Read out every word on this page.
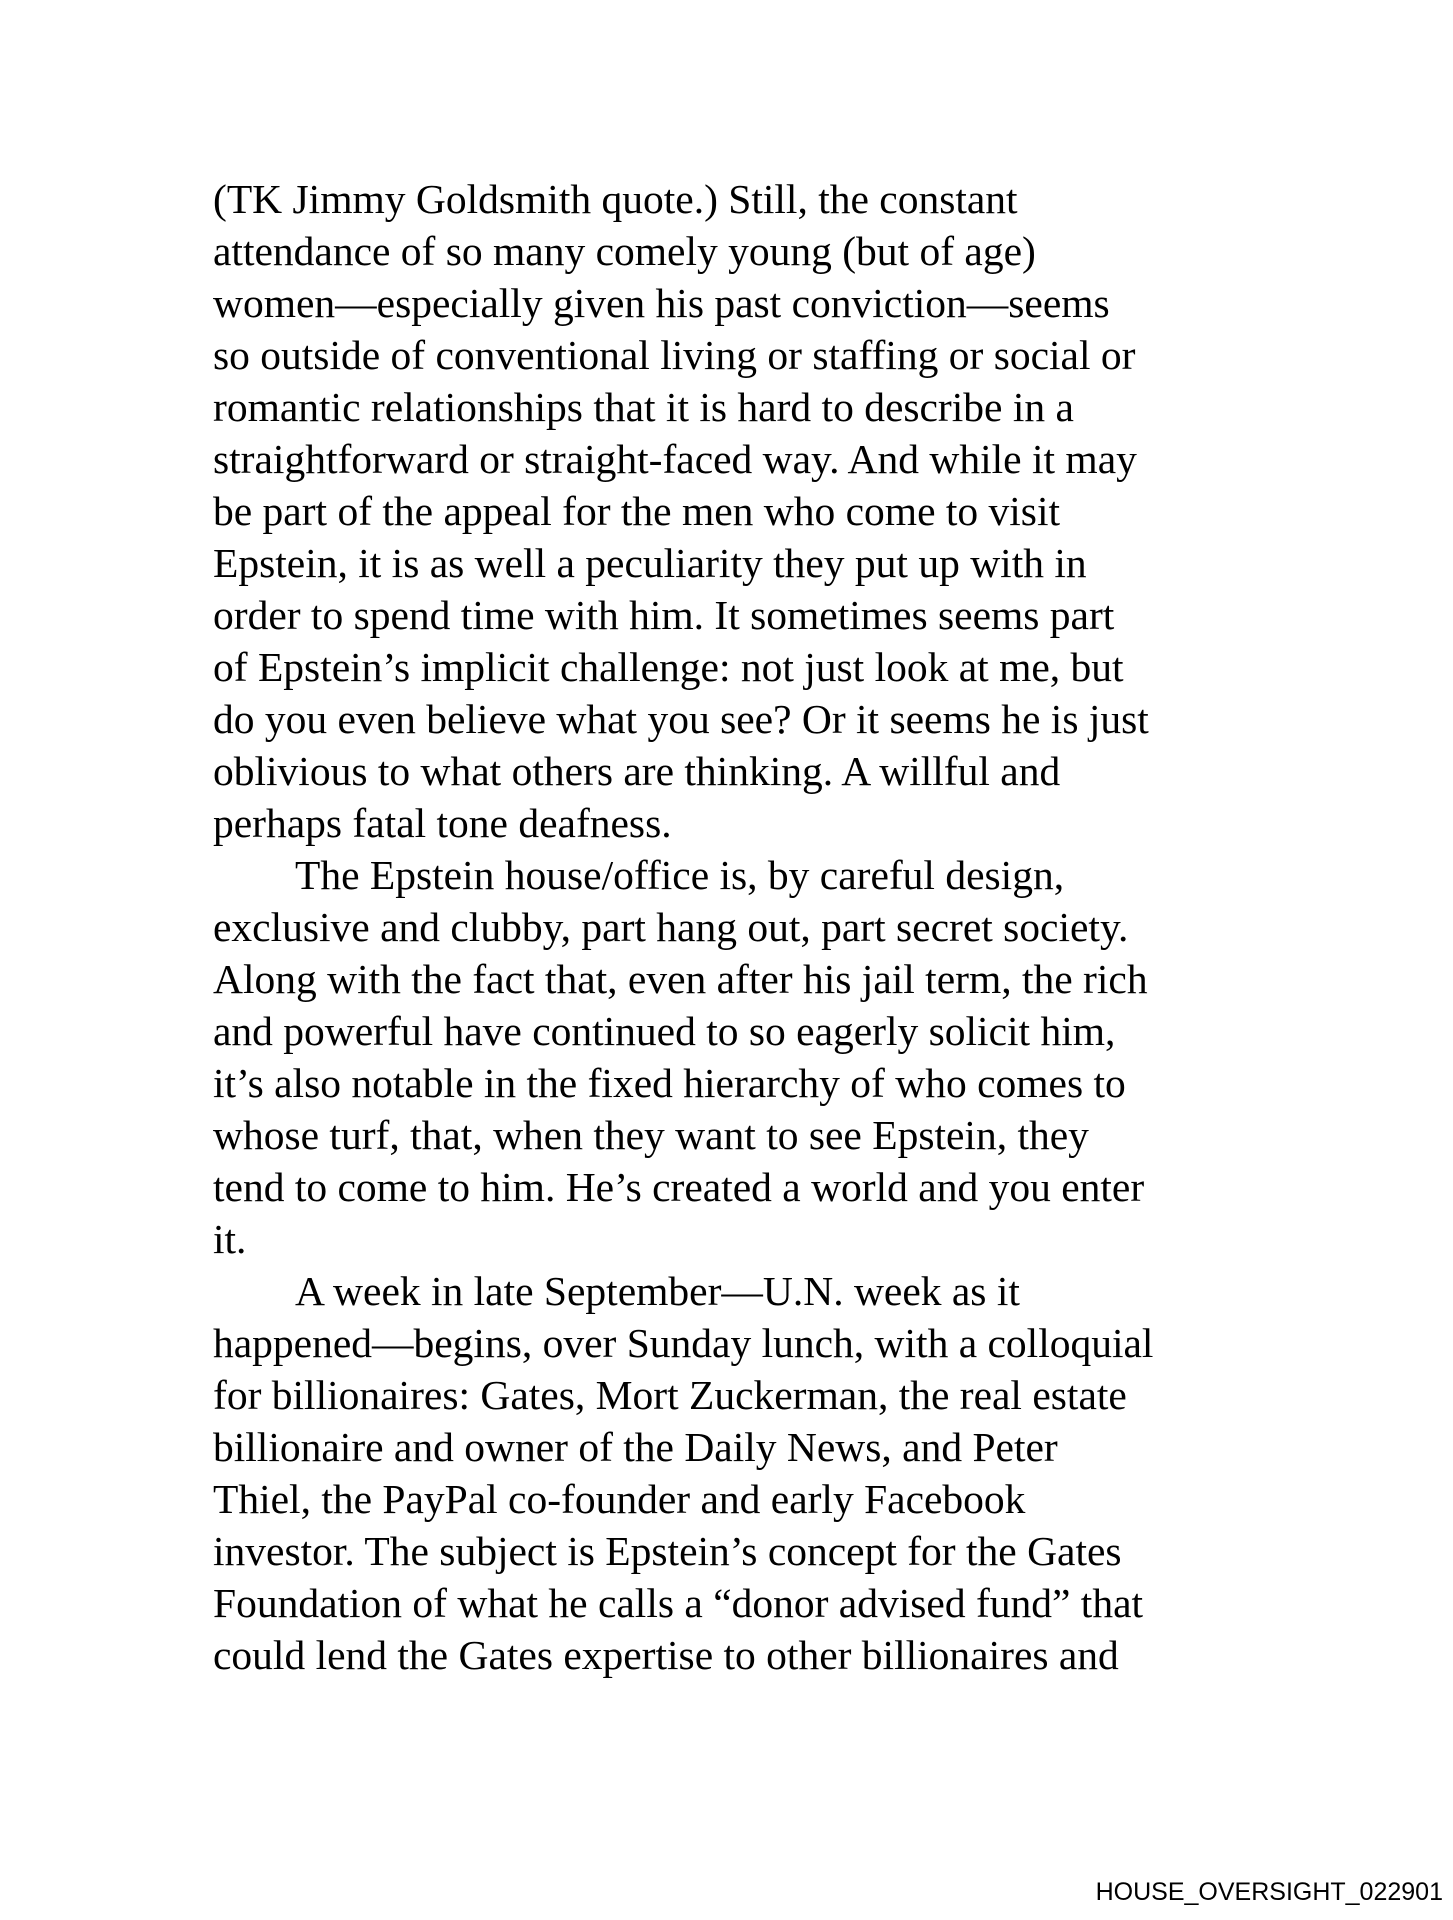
(TK Jimmy Goldsmith quote.) Still, the constant
attendance of so many comely young (but of age)
women—especially given his past conviction—seems
so outside of conventional living or staffing or social or
romantic relationships that it is hard to describe in a
straightforward or straight-faced way. And while it may
be part of the appeal for the men who come to visit
Epstein, it is as well a peculiarity they put up with in
order to spend time with him. It sometimes seems part
of Epstein’s implicit challenge: not just look at me, but
do you even believe what you see? Or it seems he is just
oblivious to what others are thinking. A willful and
perhaps fatal tone deafness.
The Epstein house/office is, by careful design,
exclusive and clubby, part hang out, part secret society.
Along with the fact that, even after his jail term, the rich
and powerful have continued to so eagerly solicit him,
it’s also notable in the fixed hierarchy of who comes to
whose turf, that, when they want to see Epstein, they
tend to come to him. He’s created a world and you enter
it.
A week in late September—U.N. week as it
happened—begins, over Sunday lunch, with a colloquial
for billionaires: Gates, Mort Zuckerman, the real estate
billionaire and owner of the Daily News, and Peter
Thiel, the PayPal co-founder and early Facebook
investor. The subject is Epstein’s concept for the Gates
Foundation of what he calls a “donor advised fund” that
could lend the Gates expertise to other billionaires and
HOUSE_OVERSIGHT_022901
